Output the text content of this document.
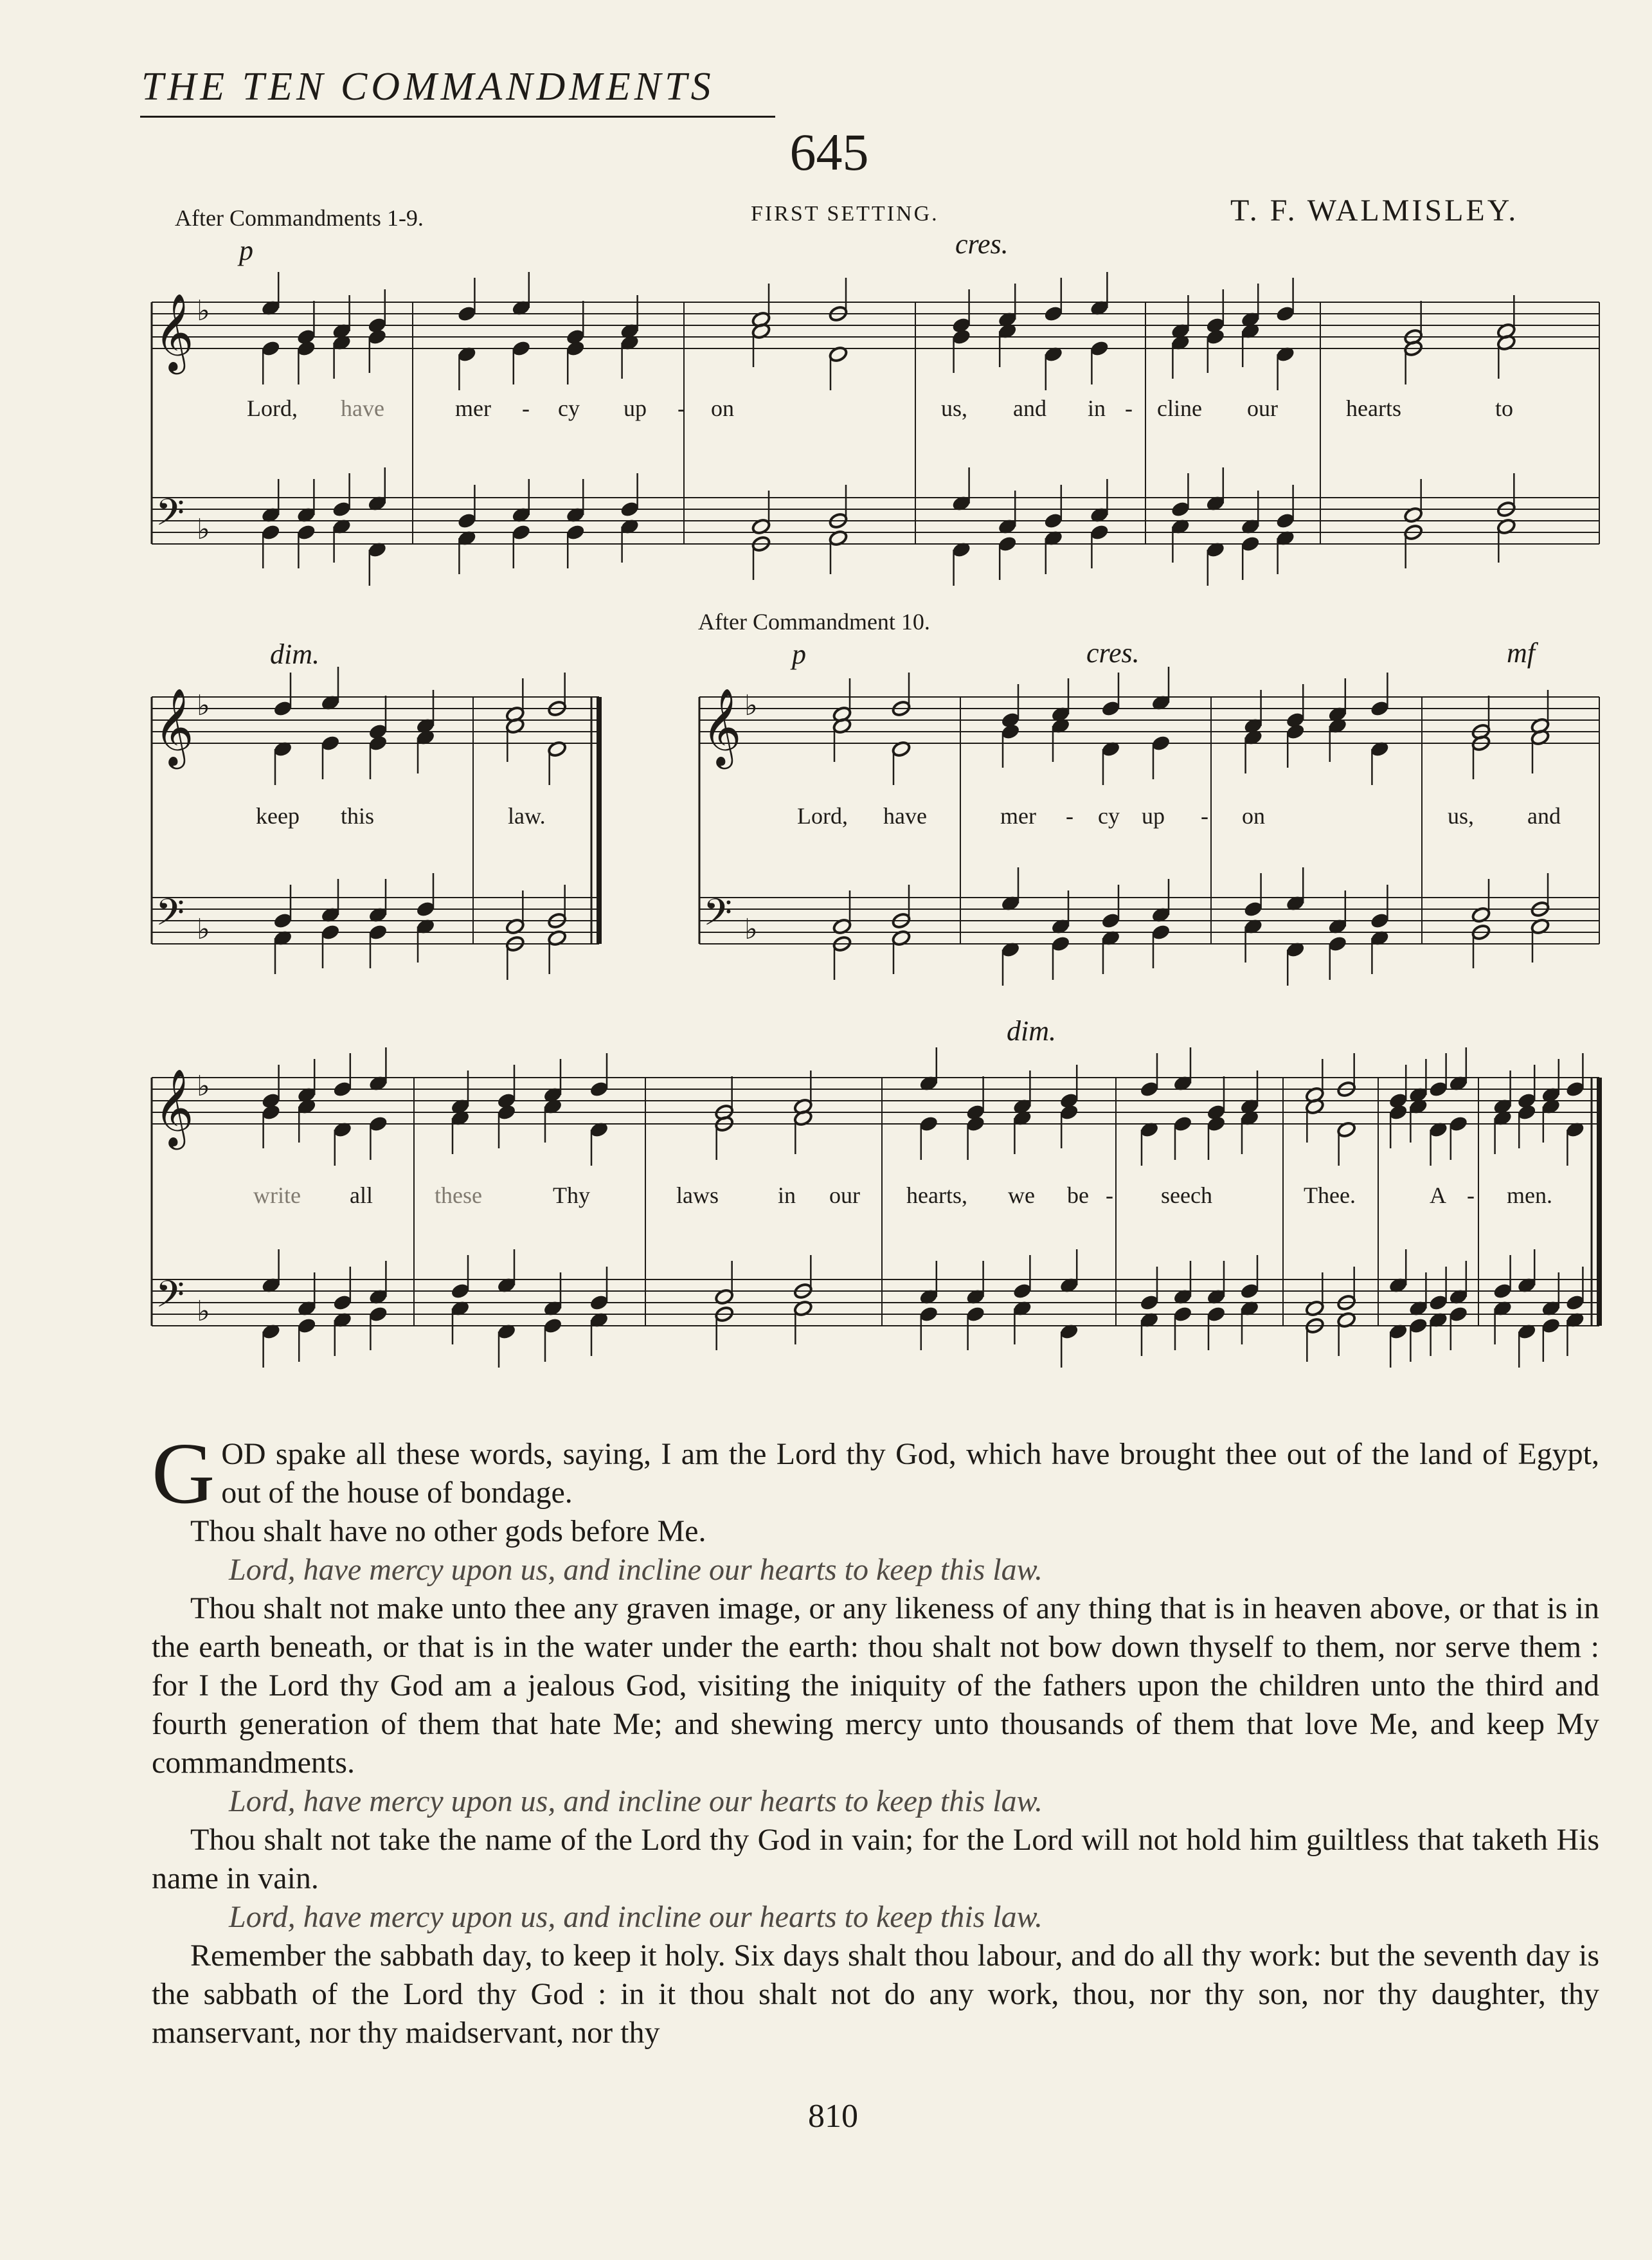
THE TEN COMMANDMENTS
645
After Commandments 1-9.	FIRST SETTING.	T. F. WALMISLEY.
After Commandment 10.
p	cres.
dim.	p	cres.	mf
dim.
Lord, have	mer - cy up - on	us, and in - cline our	hearts	to
keep this	law.	Lord, have	mer - cy up - on	us, and
write all	these	Thy	laws	in our hearts, we be - seech	Thee.	A - men.
𝄞
𝄢
♭
♭
𝄞
𝄢
♭
♭
𝄞
𝄢
♭
♭
𝄞
𝄢
♭
♭

GOD spake all these words, saying, I am the Lord thy God, which have brought thee out of the land of Egypt, out of the house of bondage.

Thou shalt have no other gods before Me.

Lord, have mercy upon us, and incline our hearts to keep this law.

Thou shalt not make unto thee any graven image, or any likeness of any thing that is in heaven above, or that is in the earth beneath, or that is in the water under the earth: thou shalt not bow down thyself to them, nor serve them : for I the Lord thy God am a jealous God, visiting the iniquity of the fathers upon the children unto the third and fourth generation of them that hate Me; and shewing mercy unto thousands of them that love Me, and keep My commandments.

Lord, have mercy upon us, and incline our hearts to keep this law.

Thou shalt not take the name of the Lord thy God in vain; for the Lord will not hold him guiltless that taketh His name in vain.

Lord, have mercy upon us, and incline our hearts to keep this law.

Remember the sabbath day, to keep it holy. Six days shalt thou labour, and do all thy work: but the seventh day is the sabbath of the Lord thy God : in it thou shalt not do any work, thou, nor thy son, nor thy daughter, thy manservant, nor thy maidservant, nor thy

810
